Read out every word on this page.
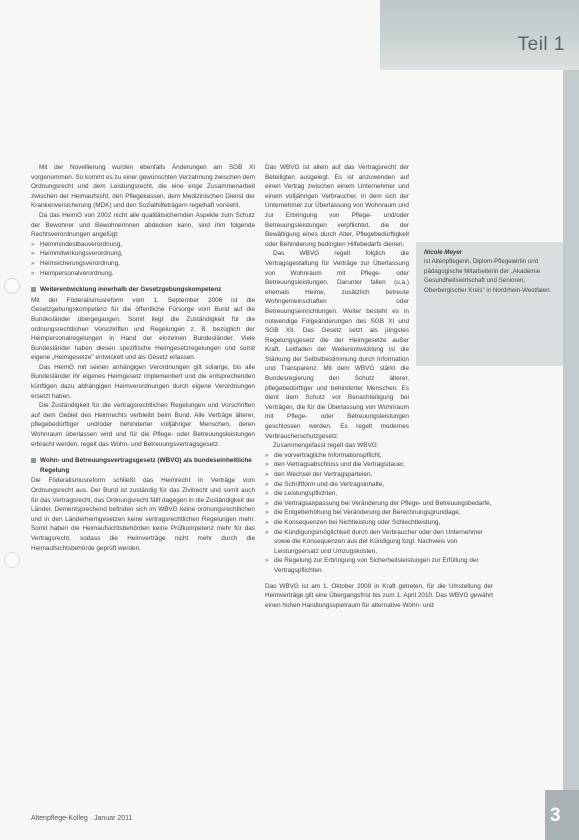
Teil 1

Mit der Novellierung wurden ebenfalls Änderungen am SGB XI vorgenommen. So kommt es zu einer gewünschten Verzahnung zwischen dem Ordnungsrecht und dem Leistungsrecht, die eine enge Zusammenarbeit zwischen der Heimaufsicht, den Pflegekassen, dem Medizinischen Dienst der Krankenversicherung (MDK) und den Sozialhilfeträgern regelhaft vorsieht.

Da das HeimG von 2002 nicht alle qualitätsichernden Aspekte zum Schutz der Bewohner und Bewohnerinnen abdecken kann, sind ihm folgende Rechtsverordnungen angefügt:

» Heimmindestbauverordnung,
» Heimmitwirkungsverordnung,
» Heimsicherungsverordnung,
» Heimpersonalverordnung.
Weiterentwicklung innerhalb der Gesetzgebungskompetenz

Mit der Föderalismusreform vom 1. September 2006 ist die Gesetzgebungskompetenz für die öffentliche Fürsorge vom Bund auf die Bundesländer übergegangen. Somit liegt die Zuständigkeit für die ordnungsrechtlichen Vorschriften und Regelungen z. B. bezüglich der Heimpersonalregelungen in Hand der einzelnen Bundesländer. Viele Bundesländer haben diesen spezifische Heimgesetzregelungen und somit eigene „Heimgesetze" entwickelt und als Gesetz erlassen.

Das HeimG mit seinen anhängigen Verordnungen gilt solange, bis alle Bundesländer ihr eigenes Heimgesetz implementiert und die entsprechenden künftigen dazu abhängigen Heimverordnungen durch eigene Verordnungen ersetzt haben.

Die Zuständigkeit für die vertragsrechtlichen Regelungen und Vorschriften auf dem Gebiet des Heimrechts verbleibt beim Bund. Alle Verträge älterer, pflegebedürftiger und/oder behinderter volljähriger Menschen, deren Wohnraum überlassen wird und für die Pflege- oder Betreuungsleistungen erbracht werden, regelt das Wohn- und Betreuungsvertragsgesetz.

Wohn- und Betreuungsvertragsgesetz (WBVG) als bundeseinheitliche Regelung

Die Föderalismusreform schließt das Heimrecht in Verträge vom Ordnungsrecht aus. Der Bund ist zuständig für das Zivilrecht und somit auch für das Vertragsrecht, das Ordnungsrecht fällt dagegen in die Zuständigkeit der Länder. Dementsprechend befinden sich im WBVG keine ordnungsrechtlichen und in den Länderheimgesetzen keine vertragsrechtlichen Regelungen mehr. Somit haben die Heimaufsichtsbehörden keine Prüfkompetenz mehr für das Vertragsrecht, sodass die Heimverträge nicht mehr durch die Heimaufsichtsbehörde geprüft werden.

Das WBVG ist allein auf das Vertragsrecht der Beteiligten ausgelegt. Es ist anzuwenden auf einen Vertrag zwischen einem Unternehmer und einem volljährigen Verbraucher, in dem sich der Unternehmer zur Überlassung von Wohnraum und zur Erbringung von Pflege- und/oder Betreuungsleistungen verpflichtet, die der Bewältigung eines durch Alter, Pflegebedürftigkeit oder Behinderung bedingten Hilfebedarfs dienen.

Das WBVG regelt folglich die Vertragsgestaltung für Verträge zur Überlassung von Wohnraum mit Pflege- oder Betreuungsleistungen. Darunter fallen (u.a.) ehemals Heime, zusätzlich betreute Wohngemeinschaften oder Betreuungseinrichtungen. Weiter besteht es in notwendige Folgeänderungen des SGB XI und SGB XII. Das Gesetz setzt als jüngstes Regelungsgesetz die der Heimgesetze außer Kraft. Leitfaden der Weiterentwicklung ist die Stärkung der Selbstbestimmung durch Information und Transparenz. Mit dem WBVG stärkt die Bundesregierung den Schutz älterer, pflegebedürftiger und behinderter Menschen. Es dient dem Schutz vor Benachteiligung bei Verträgen, die für die Überlassung von Wohnraum mit Pflege- oder Betreuungsleistungen geschlossen werden. Es regelt modernes Verbraucherschutzgesetz.

Zusammengefasst regelt das WBVG:

» die vorvertragliche Informationspflicht,
» den Vertragsabschluss und die Vertragsdauer,
» den Wechsel der Vertragsparteien,
» die Schriftform und die Vertragsinhalte,
» die Leistungspflichten,
» die Vertragsanpassung bei Veränderung der Pflege- und Betreuungsbedarfe,
» die Entgelterhöhung bei Veränderung der Berechnungsgrundlage,
» die Konsequenzen bei Nichtleistung oder Schlechtleistung,
» die Kündigungsmöglichkeit durch den Verbraucher oder den Unternehmer sowie die Konsequenzen aus der Kündigung bzgl. Nachweis von Leistungsersatz und Umzugskosten,
» die Regelung zur Erbringung von Sicherheitsleistungen zur Erfüllung der Vertragspflichten.

Das WBVG ist am 1. Oktober 2009 in Kraft getreten, für die Umstellung der Heimverträge gilt eine Übergangsfrist bis zum 1. April 2010. Das WBVG gewährt einen hohen Handlungsspielraum für alternative Wohn- und

Nicole Meyer
ist Altenpflegerin, Diplom-Pflegewirtin und pädagogische Mitarbeiterin der „Akademie Gesundheitswirtschaft und Senioren, Oberbergischer Kreis" in Nordrhein-Westfalen.
Altenpflege-Kolleg · Januar 2011	3
